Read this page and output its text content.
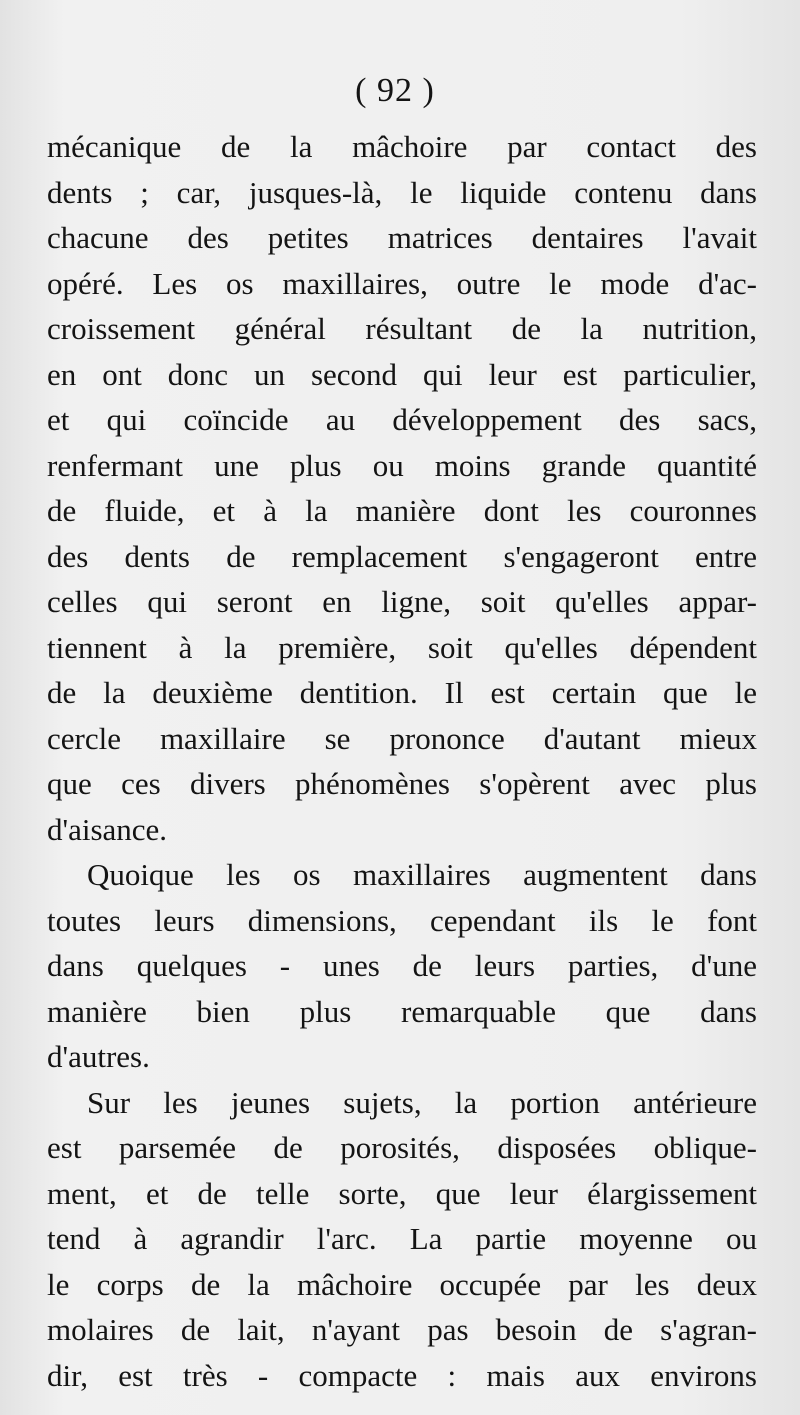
( 92 )
mécanique de la mâchoire par contact des
dents ; car, jusques-là, le liquide contenu dans
chacune des petites matrices dentaires l'avait
opéré. Les os maxillaires, outre le mode d'ac-
croissement général résultant de la nutrition,
en ont donc un second qui leur est particulier,
et qui coïncide au développement des sacs,
renfermant une plus ou moins grande quantité
de fluide, et à la manière dont les couronnes
des dents de remplacement s'engageront entre
celles qui seront en ligne, soit qu'elles appar-
tiennent à la première, soit qu'elles dépendent
de la deuxième dentition. Il est certain que le
cercle maxillaire se prononce d'autant mieux
que ces divers phénomènes s'opèrent avec plus
d'aisance.
Quoique les os maxillaires augmentent dans
toutes leurs dimensions, cependant ils le font
dans quelques - unes de leurs parties, d'une
manière bien plus remarquable que dans
d'autres.
Sur les jeunes sujets, la portion antérieure
est parsemée de porosités, disposées oblique-
ment, et de telle sorte, que leur élargissement
tend à agrandir l'arc. La partie moyenne ou
le corps de la mâchoire occupée par les deux
molaires de lait, n'ayant pas besoin de s'agran-
dir, est très - compacte : mais aux environs
